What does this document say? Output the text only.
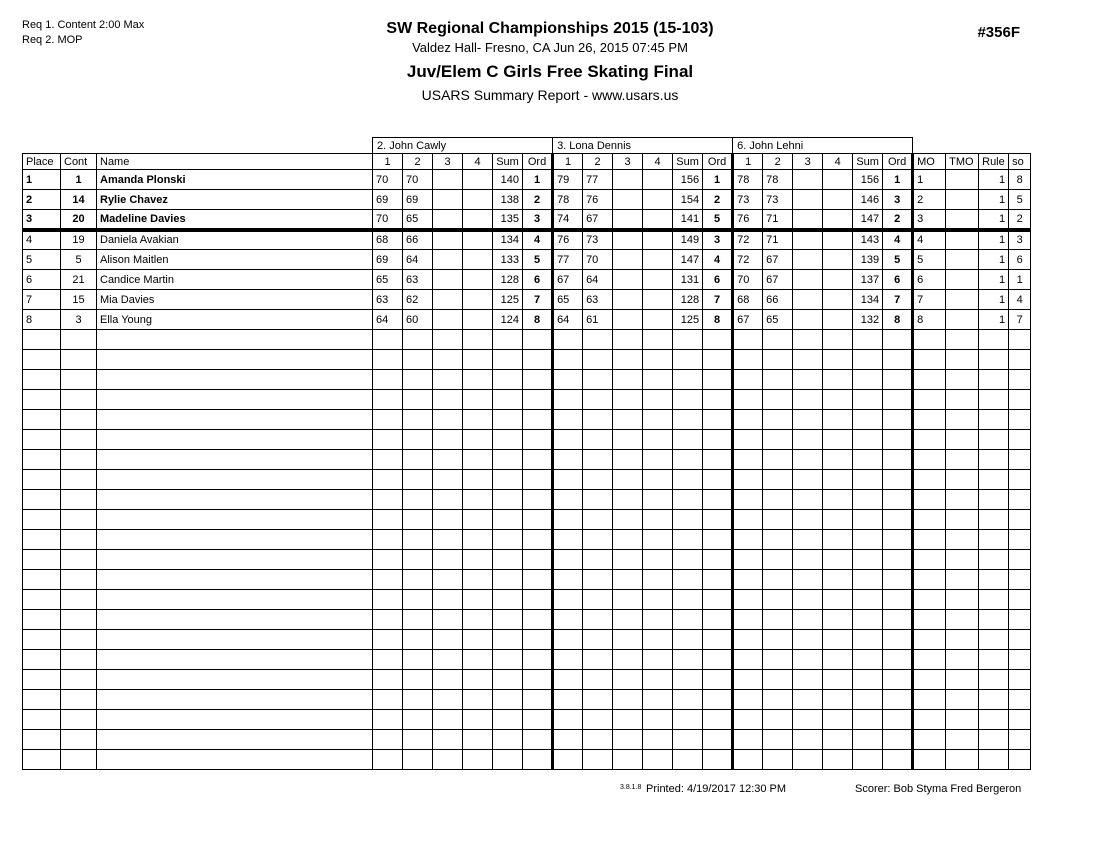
Req 1. Content 2:00 Max
Req 2. MOP
SW Regional Championships 2015 (15-103)
Valdez Hall- Fresno, CA Jun 26, 2015 07:45 PM
Juv/Elem C Girls Free Skating Final
USARS Summary Report - www.usars.us
#356F
			2. John Cawly						3. Lona Dennis						6. John Lehni									
Place	Cont	Name	1	2	3	4	Sum	Ord	1	2	3	4	Sum	Ord	1	2	3	4	Sum	Ord	MO	TMO	Rule	so
1	1	Amanda Plonski	70	70			140	1	79	77			156	1	78	78			156	1	1		1	8
2	14	Rylie Chavez	69	69			138	2	78	76			154	2	73	73			146	3	2		1	5
3	20	Madeline Davies	70	65			135	3	74	67			141	5	76	71			147	2	3		1	2
4	19	Daniela Avakian	68	66			134	4	76	73			149	3	72	71			143	4	4		1	3
5	5	Alison Maitlen	69	64			133	5	77	70			147	4	72	67			139	5	5		1	6
6	21	Candice Martin	65	63			128	6	67	64			131	6	70	67			137	6	6		1	1
7	15	Mia Davies	63	62			125	7	65	63			128	7	68	66			134	7	7		1	4
8	3	Ella Young	64	60			124	8	64	61			125	8	67	65			132	8	8		1	7

3.8.1.8 Printed: 4/19/2017 12:30 PM	Scorer: Bob Styma Fred Bergeron
